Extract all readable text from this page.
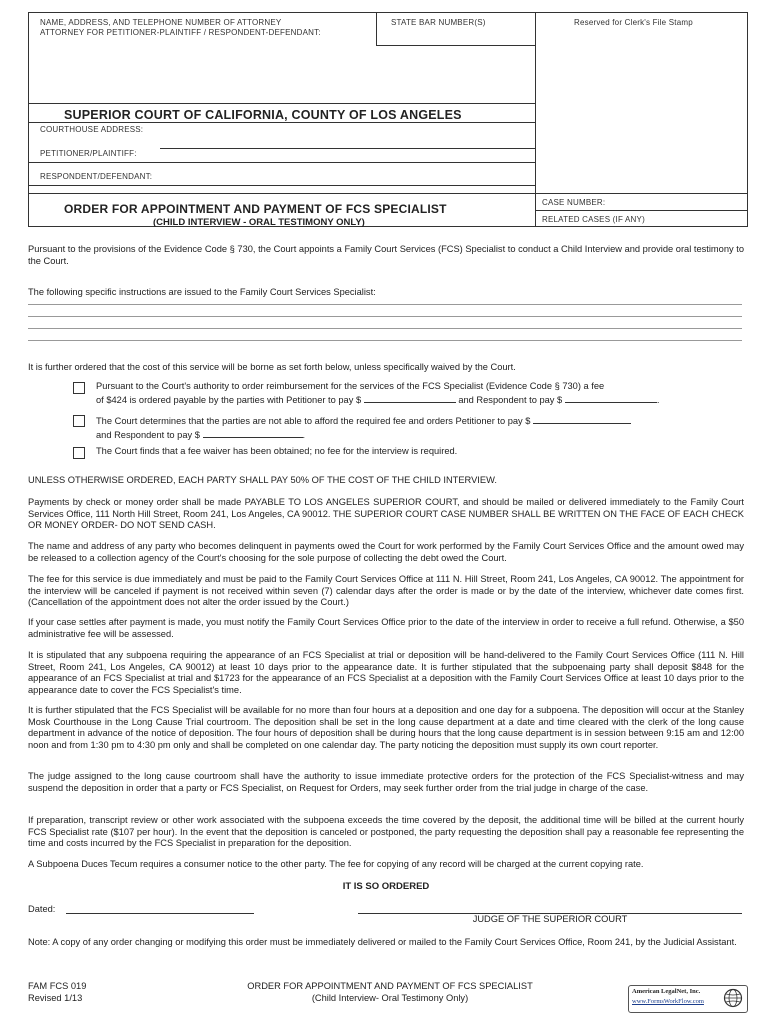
NAME, ADDRESS, AND TELEPHONE NUMBER OF ATTORNEY
ATTORNEY FOR PETITIONER-PLAINTIFF / RESPONDENT-DEFENDANT:
STATE BAR NUMBER(S)	Reserved for Clerk's File Stamp
SUPERIOR COURT OF CALIFORNIA, COUNTY OF LOS ANGELES
COURTHOUSE ADDRESS:
PETITIONER/PLAINTIFF:
RESPONDENT/DEFENDANT:
ORDER FOR APPOINTMENT AND PAYMENT OF FCS SPECIALIST
(CHILD INTERVIEW - ORAL TESTIMONY ONLY)
CASE NUMBER:
RELATED CASES (IF ANY)
Pursuant to the provisions of the Evidence Code § 730, the Court appoints a Family Court Services (FCS) Specialist to conduct a Child Interview and provide oral testimony to the Court.
The following specific instructions are issued to the Family Court Services Specialist:
It is further ordered that the cost of this service will be borne as set forth below, unless specifically waived by the Court.
Pursuant to the Court's authority to order reimbursement for the services of the FCS Specialist (Evidence Code § 730) a fee
of $424 is ordered payable by the parties with Petitioner to pay $	and Respondent to pay $	.
The Court determines that the parties are not able to afford the required fee and orders Petitioner to pay $
and Respondent to pay $	.
The Court finds that a fee waiver has been obtained; no fee for the interview is required.
UNLESS OTHERWISE ORDERED, EACH PARTY SHALL PAY 50% OF THE COST OF THE CHILD INTERVIEW.
Payments by check or money order shall be made PAYABLE TO LOS ANGELES SUPERIOR COURT, and should be mailed or delivered immediately to the Family Court Services Office, 111 North Hill Street, Room 241, Los Angeles, CA 90012. THE SUPERIOR COURT CASE NUMBER SHALL BE WRITTEN ON THE FACE OF EACH CHECK OR MONEY ORDER- DO NOT SEND CASH.
The name and address of any party who becomes delinquent in payments owed the Court for work performed by the Family Court Services Office and the amount owed may be released to a collection agency of the Court's choosing for the sole purpose of collecting the debt owed the Court.
The fee for this service is due immediately and must be paid to the Family Court Services Office at 111 N. Hill Street, Room 241, Los Angeles, CA 90012. The appointment for the interview will be canceled if payment is not received within seven (7) calendar days after the order is made or by the date of the interview, whichever date comes first. (Cancellation of the appointment does not alter the order issued by the Court.)
If your case settles after payment is made, you must notify the Family Court Services Office prior to the date of the interview in order to receive a full refund. Otherwise, a $50 administrative fee will be assessed.
It is stipulated that any subpoena requiring the appearance of an FCS Specialist at trial or deposition will be hand-delivered to the Family Court Services Office (111 N. Hill Street, Room 241, Los Angeles, CA 90012) at least 10 days prior to the appearance date. It is further stipulated that the subpoenaing party shall deposit $848 for the appearance of an FCS Specialist at trial and $1723 for the appearance of an FCS Specialist at a deposition with the Family Court Services Office at least 10 days prior to the appearance date to cover the FCS Specialist's time.
It is further stipulated that the FCS Specialist will be available for no more than four hours at a deposition and one day for a subpoena. The deposition will occur at the Stanley Mosk Courthouse in the Long Cause Trial courtroom. The deposition shall be set in the long cause department at a date and time cleared with the clerk of the long cause department in advance of the notice of deposition. The four hours of deposition shall be during hours that the long cause department is in session between 9:15 am and 12:00 noon and from 1:30 pm to 4:30 pm only and shall be completed on one calendar day. The party noticing the deposition must supply its own court reporter.
The judge assigned to the long cause courtroom shall have the authority to issue immediate protective orders for the protection of the FCS Specialist-witness and may suspend the deposition in order that a party or FCS Specialist, on Request for Orders, may seek further order from the trial judge in charge of the case.
If preparation, transcript review or other work associated with the subpoena exceeds the time covered by the deposit, the additional time will be billed at the current hourly FCS Specialist rate ($107 per hour). In the event that the deposition is canceled or postponed, the party requesting the deposition shall pay a reasonable fee representing the time and costs incurred by the FCS Specialist in preparation for the deposition.
A Subpoena Duces Tecum requires a consumer notice to the other party. The fee for copying of any record will be charged at the current copying rate.
IT IS SO ORDERED
Dated:
JUDGE OF THE SUPERIOR COURT
Note: A copy of any order changing or modifying this order must be immediately delivered or mailed to the Family Court Services Office, Room 241, by the Judicial Assistant.
FAM FCS 019
Revised 1/13
ORDER FOR APPOINTMENT AND PAYMENT OF FCS SPECIALIST
(Child Interview- Oral Testimony Only)
American LegalNet, Inc.
www.FormsWorkFlow.com
